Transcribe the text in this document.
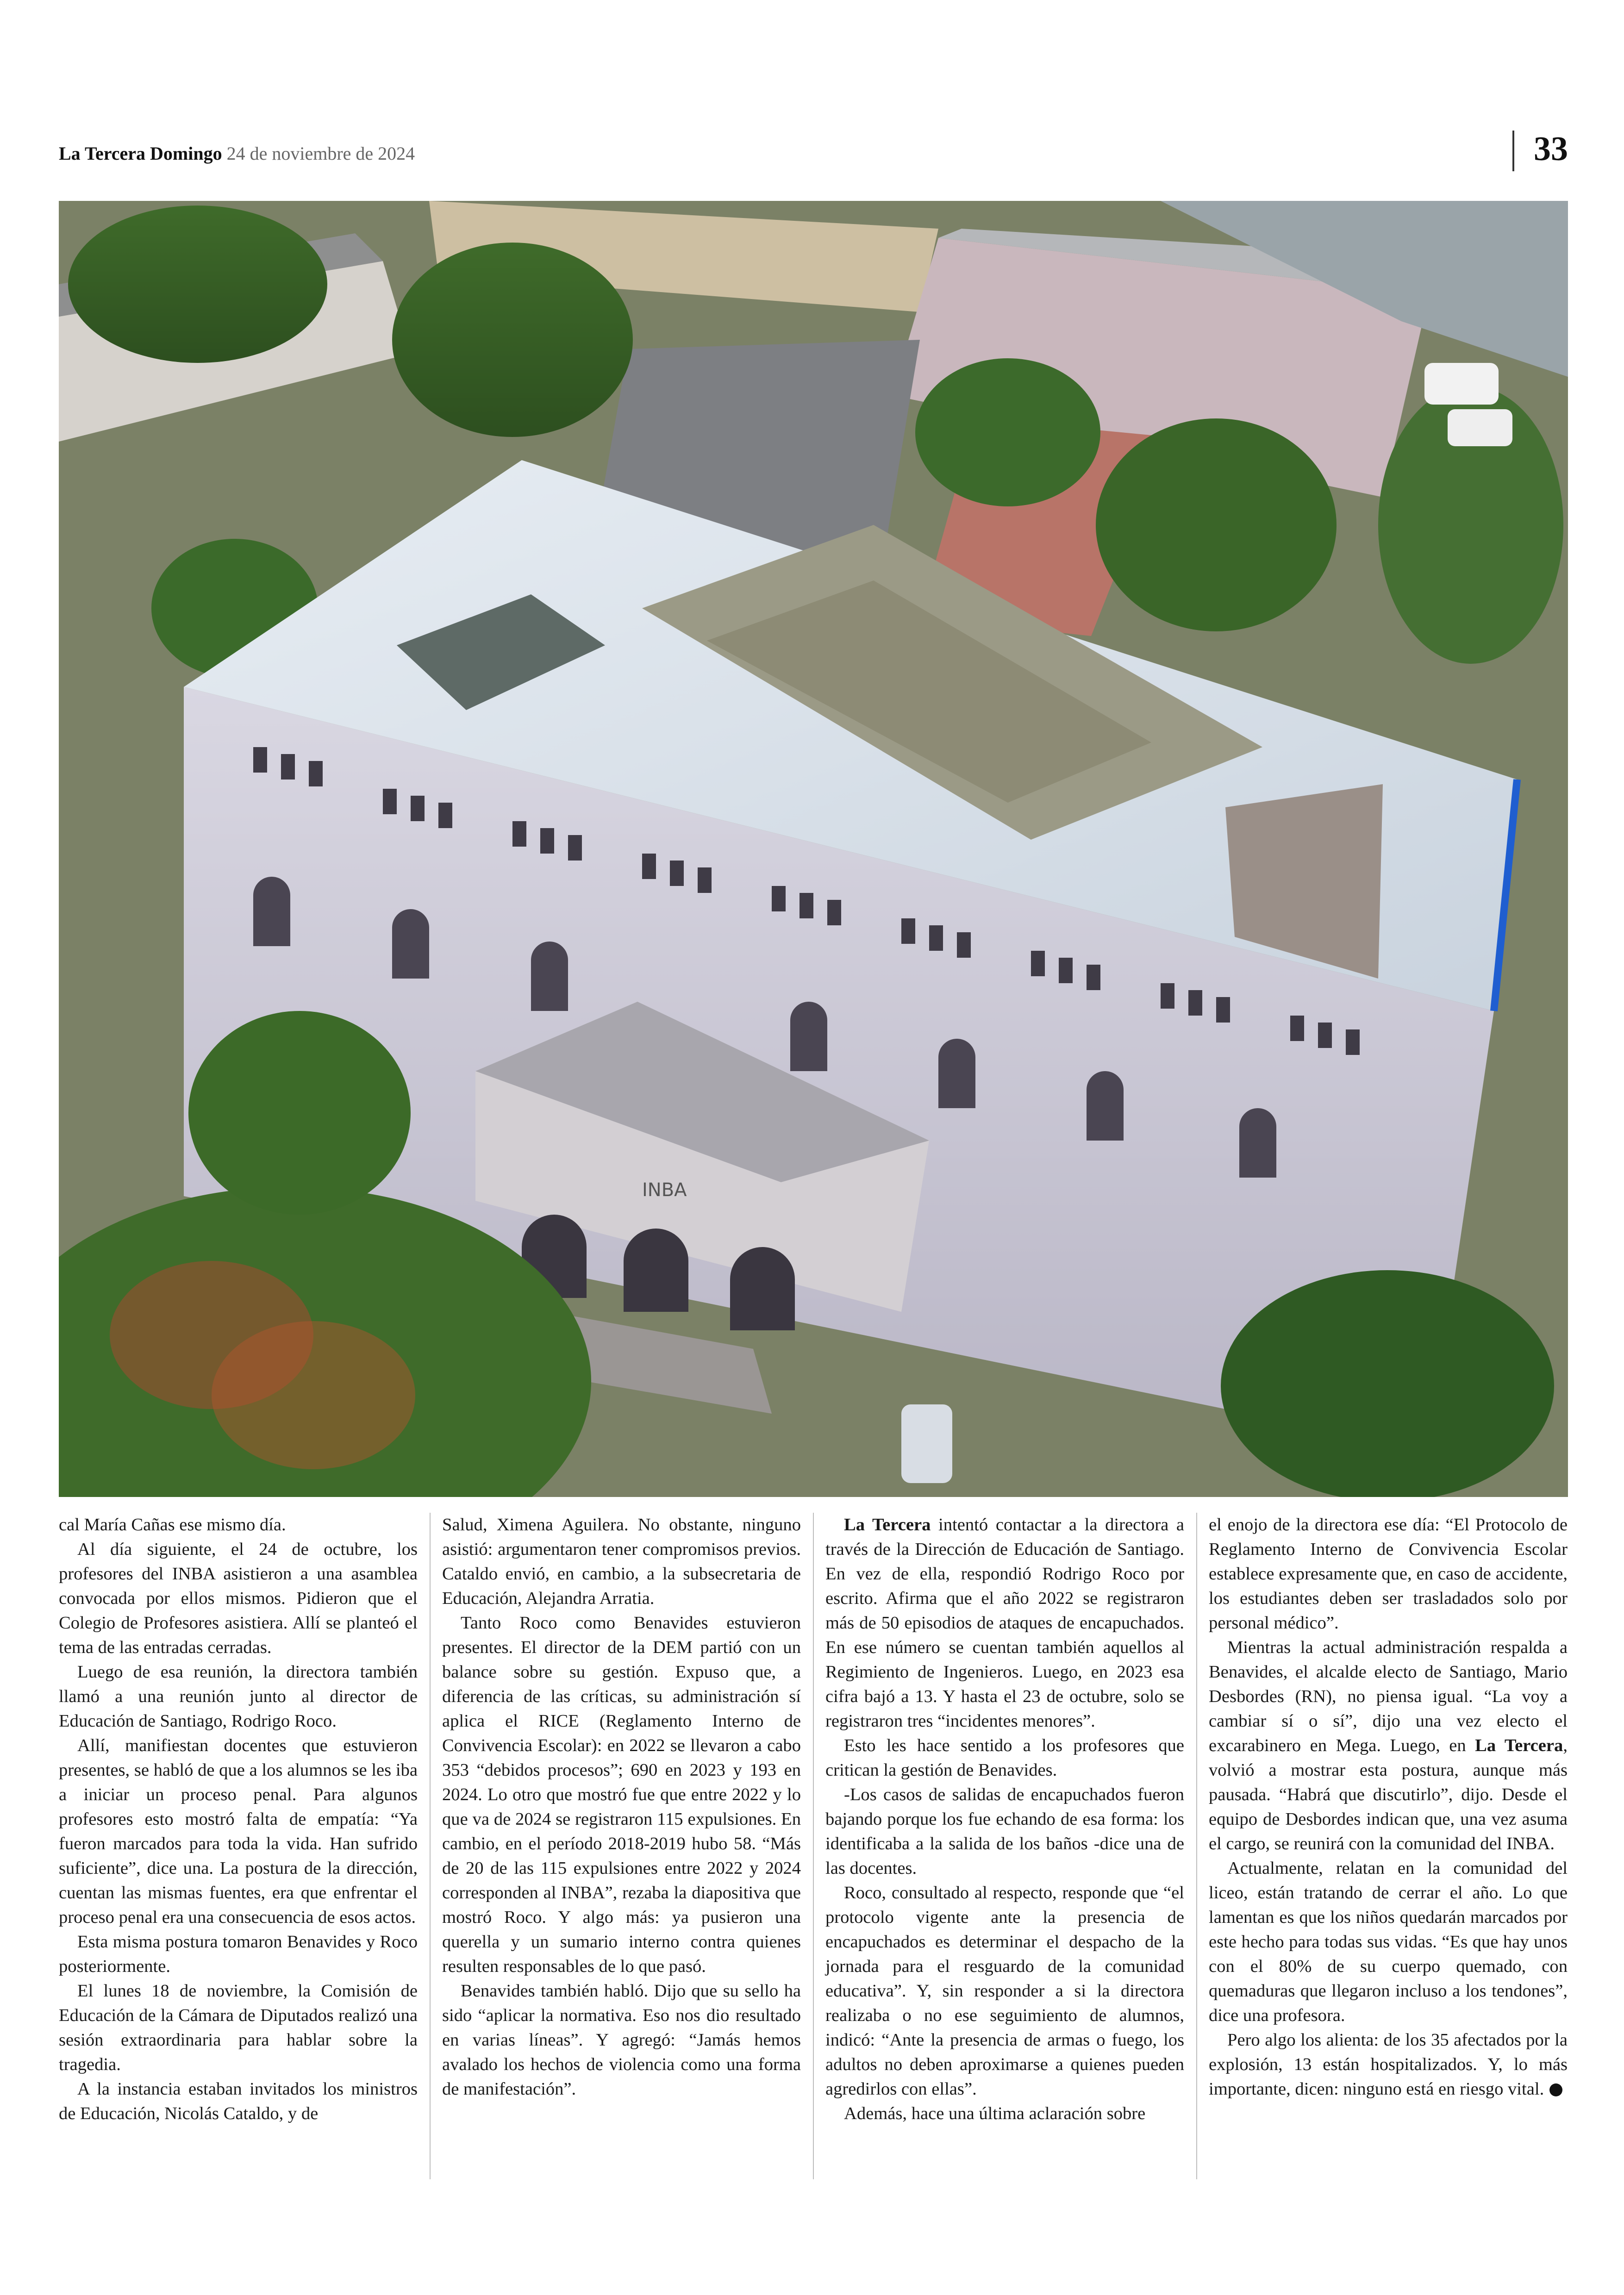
La Tercera Domingo 24 de noviembre de 2024	33
INBA

cal María Cañas ese mismo día.

Al día siguiente, el 24 de octubre, los profesores del INBA asistieron a una asamblea convocada por ellos mismos. Pidieron que el Colegio de Profesores asistiera. Allí se planteó el tema de las entradas cerradas.

Luego de esa reunión, la directora también llamó a una reunión junto al director de Educación de Santiago, Rodrigo Roco.

Allí, manifiestan docentes que estuvieron presentes, se habló de que a los alumnos se les iba a iniciar un proceso penal. Para algunos profesores esto mostró falta de empatía: “Ya fueron marcados para toda la vida. Han sufrido suficiente”, dice una. La postura de la dirección, cuentan las mismas fuentes, era que enfrentar el proceso penal era una consecuencia de esos actos.

Esta misma postura tomaron Benavides y Roco posteriormente.

El lunes 18 de noviembre, la Comisión de Educación de la Cámara de Diputados realizó una sesión extraordinaria para hablar sobre la tragedia.

A la instancia estaban invitados los ministros de Educación, Nicolás Cataldo, y de

Salud, Ximena Aguilera. No obstante, ninguno asistió: argumentaron tener compromisos previos. Cataldo envió, en cambio, a la subsecretaria de Educación, Alejandra Arratia.

Tanto Roco como Benavides estuvieron presentes. El director de la DEM partió con un balance sobre su gestión. Expuso que, a diferencia de las críticas, su administración sí aplica el RICE (Reglamento Interno de Convivencia Escolar): en 2022 se llevaron a cabo 353 “debidos procesos”; 690 en 2023 y 193 en 2024. Lo otro que mostró fue que entre 2022 y lo que va de 2024 se registraron 115 expulsiones. En cambio, en el período 2018-2019 hubo 58. “Más de 20 de las 115 expulsiones entre 2022 y 2024 corresponden al INBA”, rezaba la diapositiva que mostró Roco. Y algo más: ya pusieron una querella y un sumario interno contra quienes resulten responsables de lo que pasó.

Benavides también habló. Dijo que su sello ha sido “aplicar la normativa. Eso nos dio resultado en varias líneas”. Y agregó: “Jamás hemos avalado los hechos de violencia como una forma de manifestación”.

La Tercera intentó contactar a la directora a través de la Dirección de Educación de Santiago. En vez de ella, respondió Rodrigo Roco por escrito. Afirma que el año 2022 se registraron más de 50 episodios de ataques de encapuchados. En ese número se cuentan también aquellos al Regimiento de Ingenieros. Luego, en 2023 esa cifra bajó a 13. Y hasta el 23 de octubre, solo se registraron tres “incidentes menores”.

Esto les hace sentido a los profesores que critican la gestión de Benavides.

-Los casos de salidas de encapuchados fueron bajando porque los fue echando de esa forma: los identificaba a la salida de los baños -dice una de las docentes.

Roco, consultado al respecto, responde que “el protocolo vigente ante la presencia de encapuchados es determinar el despacho de la jornada para el resguardo de la comunidad educativa”. Y, sin responder a si la directora realizaba o no ese seguimiento de alumnos, indicó: “Ante la presencia de armas o fuego, los adultos no deben aproximarse a quienes pueden agredirlos con ellas”.

Además, hace una última aclaración sobre

el enojo de la directora ese día: “El Protocolo de Reglamento Interno de Convivencia Escolar establece expresamente que, en caso de accidente, los estudiantes deben ser trasladados solo por personal médico”.

Mientras la actual administración respalda a Benavides, el alcalde electo de Santiago, Mario Desbordes (RN), no piensa igual. “La voy a cambiar sí o sí”, dijo una vez electo el excarabinero en Mega. Luego, en La Tercera, volvió a mostrar esta postura, aunque más pausada. “Habrá que discutirlo”, dijo. Desde el equipo de Desbordes indican que, una vez asuma el cargo, se reunirá con la comunidad del INBA.

Actualmente, relatan en la comunidad del liceo, están tratando de cerrar el año. Lo que lamentan es que los niños quedarán marcados por este hecho para todas sus vidas. “Es que hay unos con el 80% de su cuerpo quemado, con quemaduras que llegaron incluso a los tendones”, dice una profesora.

Pero algo los alienta: de los 35 afectados por la explosión, 13 están hospitalizados. Y, lo más importante, dicen: ninguno está en riesgo vital.
